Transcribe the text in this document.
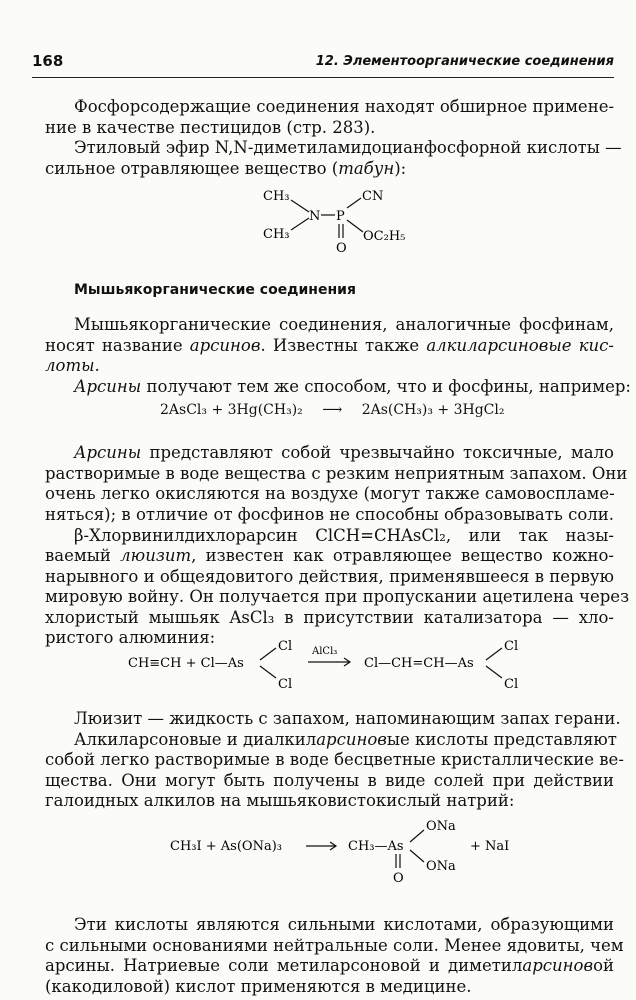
168	12. Элементоорганические соединения
Фосфорсодержащие соединения находят обширное примене-
ние в качестве пестицидов (стр. 283).
Этиловый эфир N,N-диметиламидоцианфосфорной кислоты —
сильное отравляющее вещество (табун):
CH₃
CH₃
N P
CN
OC₂H₅
O
Мышьякорганические соединения
Мышьякорганические соединения, аналогичные фосфинам,
носят название арсинов. Известны также алкиларсиновые кис-
лоты.
Арсины получают тем же способом, что и фосфины, например:
2AsCl₃ + 3Hg(CH₃)₂ ⟶ 2As(CH₃)₃ + 3HgCl₂
Арсины представляют собой чрезвычайно токсичные, мало
растворимые в воде вещества с резким неприятным запахом. Они
очень легко окисляются на воздухе (могут также самовоспламе-
няться); в отличие от фосфинов не способны образовывать соли.
β-Хлорвинилдихлорарсин ClCH=CHAsCl₂, или так назы-
ваемый люизит, известен как отравляющее вещество кожно-
нарывного и общеядовитого действия, применявшееся в первую
мировую войну. Он получается при пропускании ацетилена через
хлористый мышьяк AsCl₃ в присутствии катализатора — хло-
ристого алюминия:
CH≡CH + Cl—As
Cl
Cl
AlCl₃
Cl—CH=CH—As
Cl
Cl
Люизит — жидкость с запахом, напоминающим запах герани.
Алкиларсоновые и диалкиларсиновые кислоты представляют
собой легко растворимые в воде бесцветные кристаллические ве-
щества. Они могут быть получены в виде солей при действии
галоидных алкилов на мышьяковистокислый натрий:
CH₃I + As(ONa)₃	CH₃—As
ONa
ONa
O
+ NaI
Эти кислоты являются сильными кислотами, образующими
с сильными основаниями нейтральные соли. Менее ядовиты, чем
арсины. Натриевые соли метиларсоновой и диметиларсиновой
(какодиловой) кислот применяются в медицине.
